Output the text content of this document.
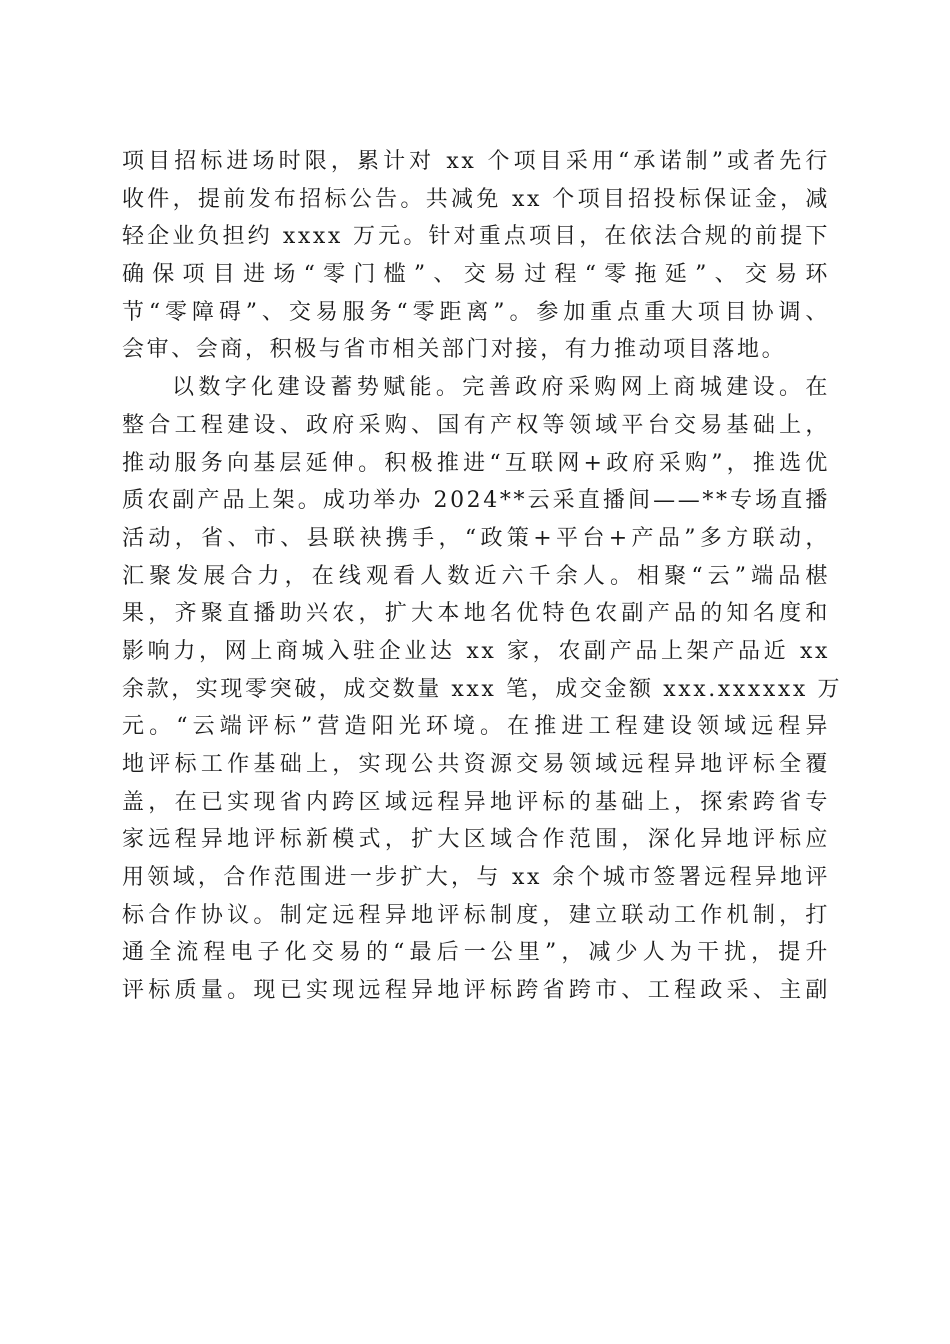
项目招标进场时限，累计对 xx 个项目采用“承诺制”或者先行
收件，提前发布招标公告。共减免 xx 个项目招投标保证金，减
轻企业负担约 xxxx 万元。针对重点项目，在依法合规的前提下
确保项目进场“零门槛”、交易过程“零拖延”、交易环
节“零障碍”、交易服务“零距离”。参加重点重大项目协调、
会审、会商，积极与省市相关部门对接，有力推动项目落地。
以数字化建设蓄势赋能。完善政府采购网上商城建设。在
整合工程建设、政府采购、国有产权等领域平台交易基础上，
推动服务向基层延伸。积极推进“互联网+政府采购”，推选优
质农副产品上架。成功举办 2024**云采直播间——**专场直播
活动，省、市、县联袂携手，“政策+平台+产品”多方联动，
汇聚发展合力，在线观看人数近六千余人。相聚“云”端品椹
果，齐聚直播助兴农，扩大本地名优特色农副产品的知名度和
影响力，网上商城入驻企业达 xx 家，农副产品上架产品近 xx
余款，实现零突破，成交数量 xxx 笔，成交金额 xxx.xxxxxx 万
元。“云端评标”营造阳光环境。在推进工程建设领域远程异
地评标工作基础上，实现公共资源交易领域远程异地评标全覆
盖，在已实现省内跨区域远程异地评标的基础上，探索跨省专
家远程异地评标新模式，扩大区域合作范围，深化异地评标应
用领域，合作范围进一步扩大，与 xx 余个城市签署远程异地评
标合作协议。制定远程异地评标制度，建立联动工作机制，打
通全流程电子化交易的“最后一公里”，减少人为干扰，提升
评标质量。现已实现远程异地评标跨省跨市、工程政采、主副
